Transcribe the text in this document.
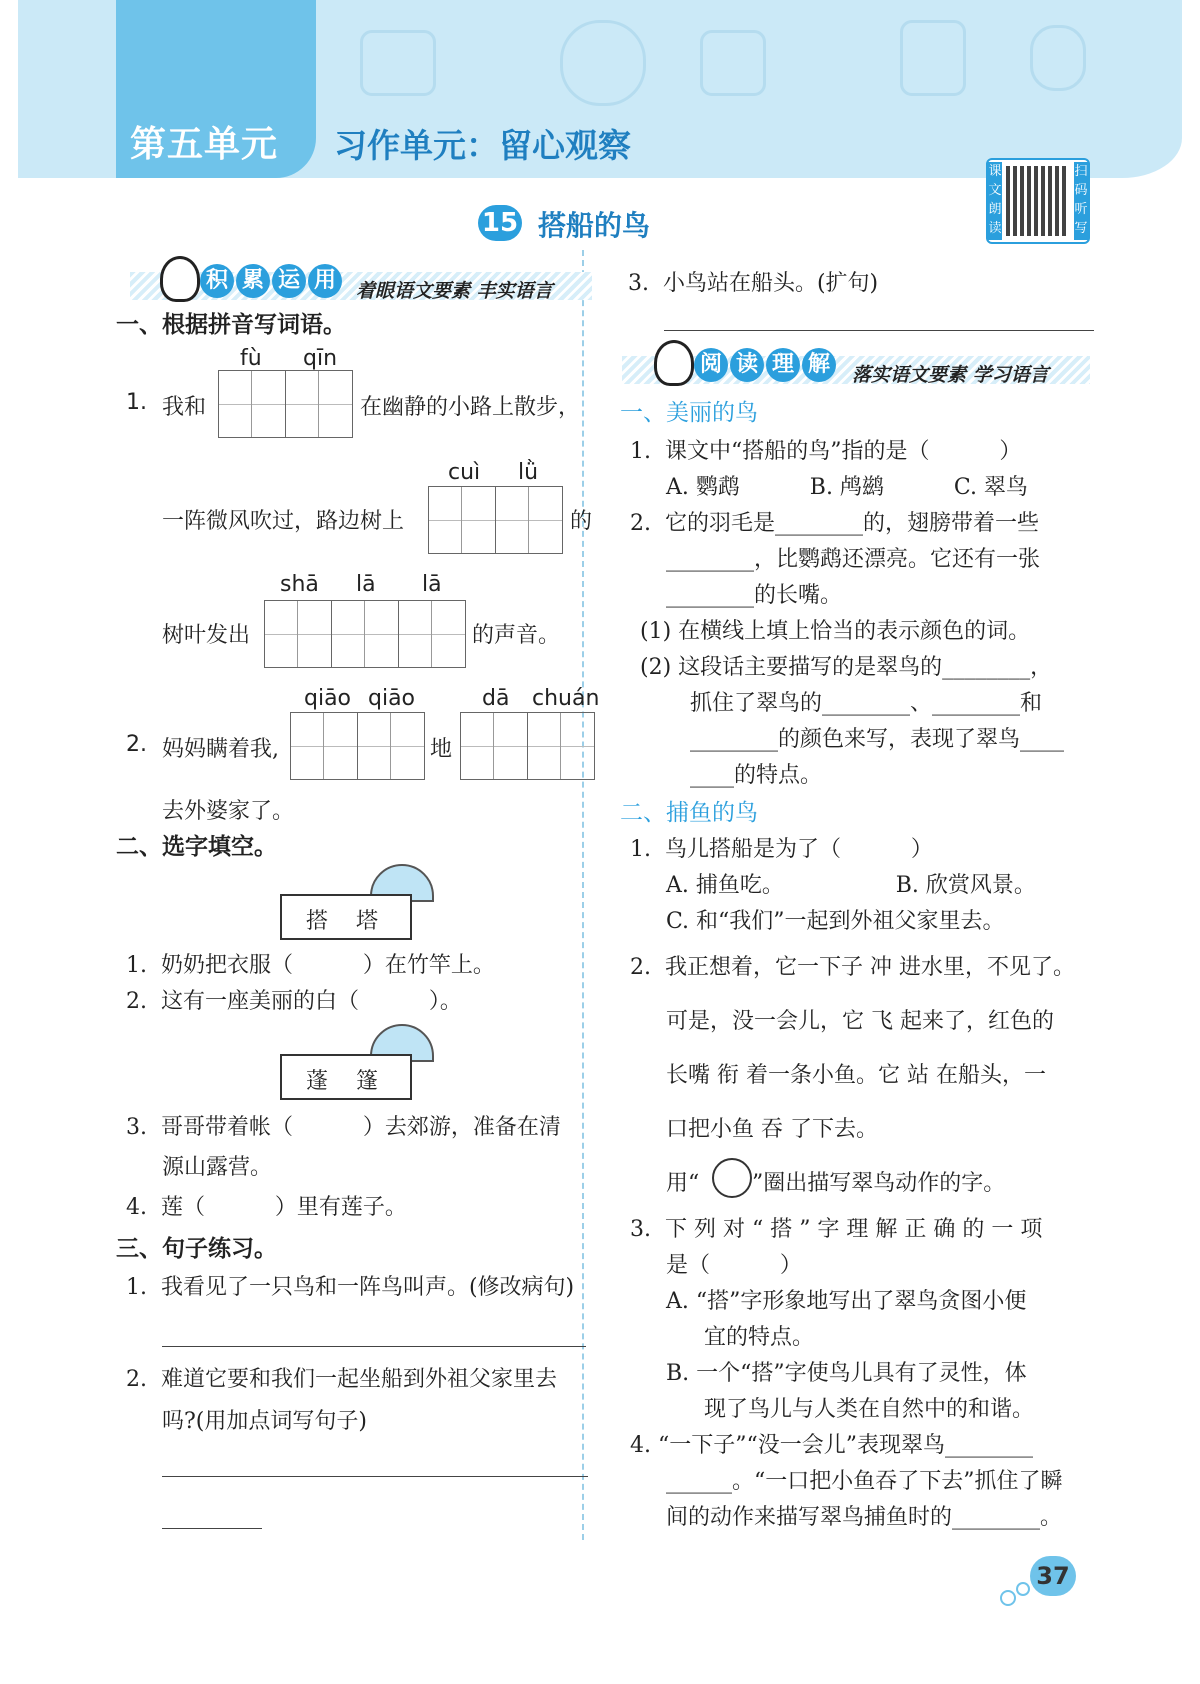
第五单元 习作单元：留心观察
15 搭船的鸟
课文朗读
扫码听写
积 累 运 用	着眼语文要素 丰实语言
一、根据拼音写词语。
fù qīn
1. 我和	在幽静的小路上散步，
cuì lǜ
一阵微风吹过，路边树上	的
shā lā lā
树叶发出	的声音。
qiāo qiāo	dā chuán
2. 妈妈瞒着我,	地
去外婆家了。
二、选字填空。
搭    塔
1.  奶奶把衣服（          ）在竹竿上。
2.  这有一座美丽的白（          ）。
蓬    篷
3.  哥哥带着帐（          ）去郊游，准备在清
源山露营。
4.  莲（          ）里有莲子。
三、句子练习。
1.  我看见了一只鸟和一阵鸟叫声。(修改病句)
2.  难道它要和我们一起坐船到外祖父家里去
吗?(用加点词写句子)
3.  小鸟站在船头。(扩句)
阅 读 理 解	落实语文要素 学习语言
一、美丽的鸟
1.  课文中“搭船的鸟”指的是（          ）
A. 鹦鹉          B. 鸬鹚          C. 翠鸟
2.  它的羽毛是________的，翅膀带着一些
________，比鹦鹉还漂亮。它还有一张
________的长嘴。
(1) 在横线上填上恰当的表示颜色的词。
(2) 这段话主要描写的是翠鸟的________，
抓住了翠鸟的________、________和
________的颜色来写，表现了翠鸟____
____的特点。
二、捕鱼的鸟
1.  鸟儿搭船是为了（          ）
A. 捕鱼吃。                B. 欣赏风景。
C. 和“我们”一起到外祖父家里去。
2.  我正想着，它一下子 冲 进水里，不见了。
可是，没一会儿，它 飞 起来了，红色的
长嘴 衔 着一条小鱼。它 站 在船头，一
口把小鱼 吞 了下去。
用“ ”圈出描写翠鸟动作的字。
3.  下 列 对 “ 搭 ” 字 理 解 正 确 的 一 项
是（          ）
A. “搭”字形象地写出了翠鸟贪图小便
宜的特点。
B. 一个“搭”字使鸟儿具有了灵性，体
现了鸟儿与人类在自然中的和谐。
4. “一下子”“没一会儿”表现翠鸟________
______。“一口把小鱼吞了下去”抓住了瞬
间的动作来描写翠鸟捕鱼时的________。
37
